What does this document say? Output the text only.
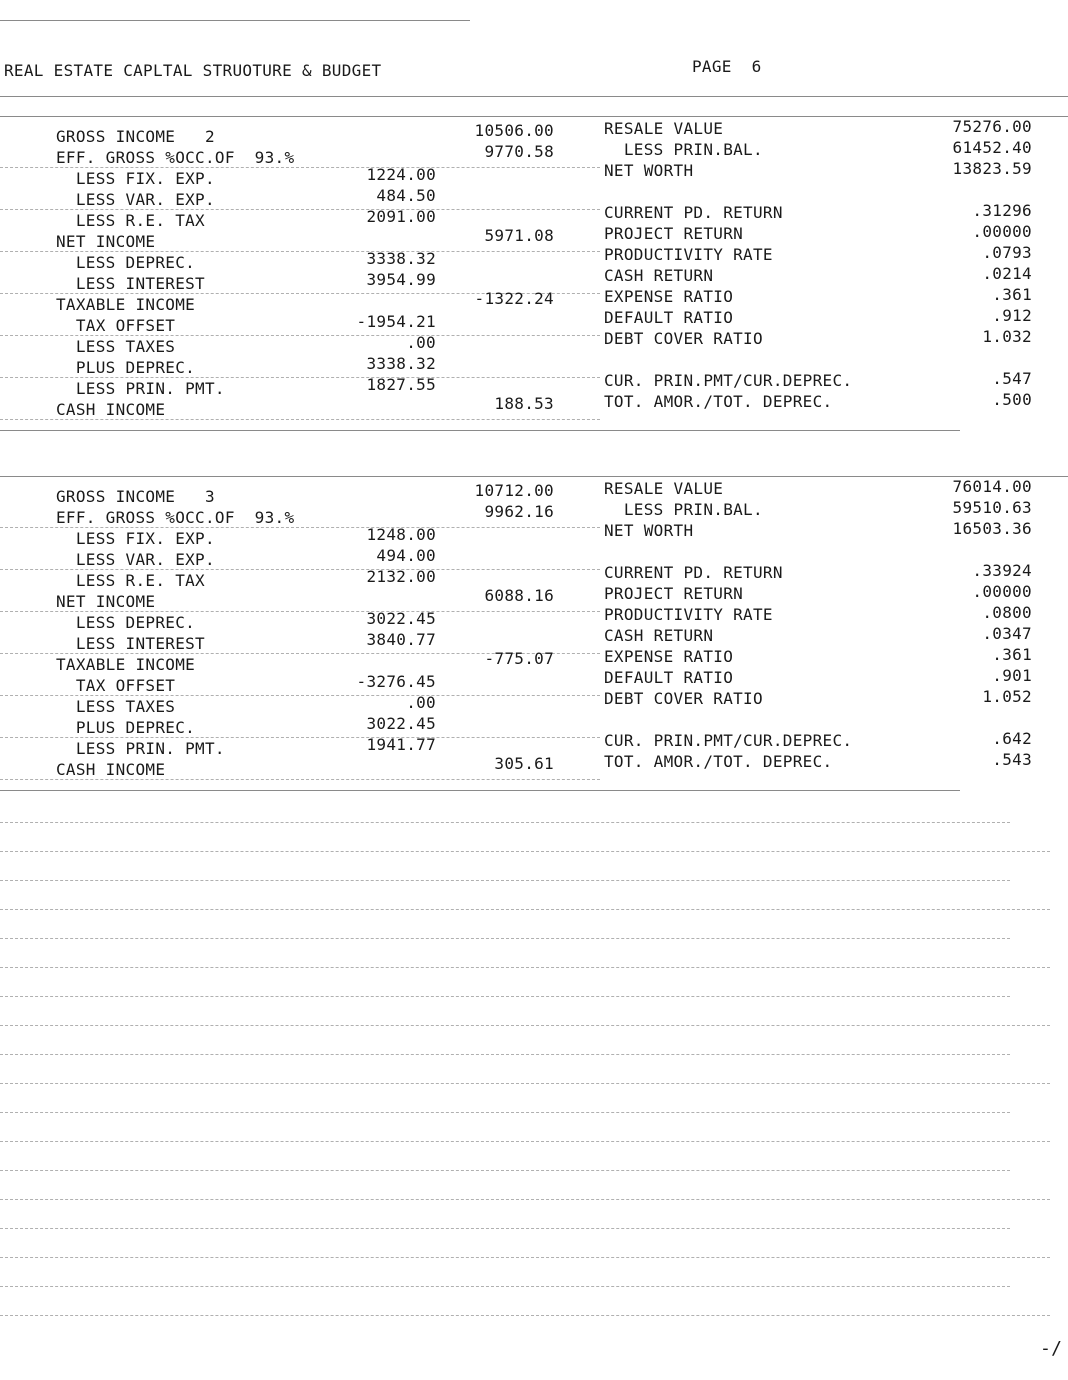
REAL ESTATE CAPLTAL STRUOTURE & BUDGET	PAGE  6
GROSS INCOME   2	10506.00
EFF. GROSS %OCC.OF  93.%	9770.58
LESS FIX. EXP.	1224.00
LESS VAR. EXP.	484.50
LESS R.E. TAX	2091.00
NET INCOME	5971.08
LESS DEPREC.	3338.32
LESS INTEREST	3954.99
TAXABLE INCOME	-1322.24
TAX OFFSET	-1954.21
LESS TAXES	.00
PLUS DEPREC.	3338.32
LESS PRIN. PMT.	1827.55
CASH INCOME	188.53
RESALE VALUE	75276.00
LESS PRIN.BAL.	61452.40
NET WORTH	13823.59
CURRENT PD. RETURN	.31296
PROJECT RETURN	.00000
PRODUCTIVITY RATE	.0793
CASH RETURN	.0214
EXPENSE RATIO	.361
DEFAULT RATIO	.912
DEBT COVER RATIO	1.032
CUR. PRIN.PMT/CUR.DEPREC.	.547
TOT. AMOR./TOT. DEPREC.	.500
GROSS INCOME   3	10712.00
EFF. GROSS %OCC.OF  93.%	9962.16
LESS FIX. EXP.	1248.00
LESS VAR. EXP.	494.00
LESS R.E. TAX	2132.00
NET INCOME	6088.16
LESS DEPREC.	3022.45
LESS INTEREST	3840.77
TAXABLE INCOME	-775.07
TAX OFFSET	-3276.45
LESS TAXES	.00
PLUS DEPREC.	3022.45
LESS PRIN. PMT.	1941.77
CASH INCOME	305.61
RESALE VALUE	76014.00
LESS PRIN.BAL.	59510.63
NET WORTH	16503.36
CURRENT PD. RETURN	.33924
PROJECT RETURN	.00000
PRODUCTIVITY RATE	.0800
CASH RETURN	.0347
EXPENSE RATIO	.361
DEFAULT RATIO	.901
DEBT COVER RATIO	1.052
CUR. PRIN.PMT/CUR.DEPREC.	.642
TOT. AMOR./TOT. DEPREC.	.543
-/
